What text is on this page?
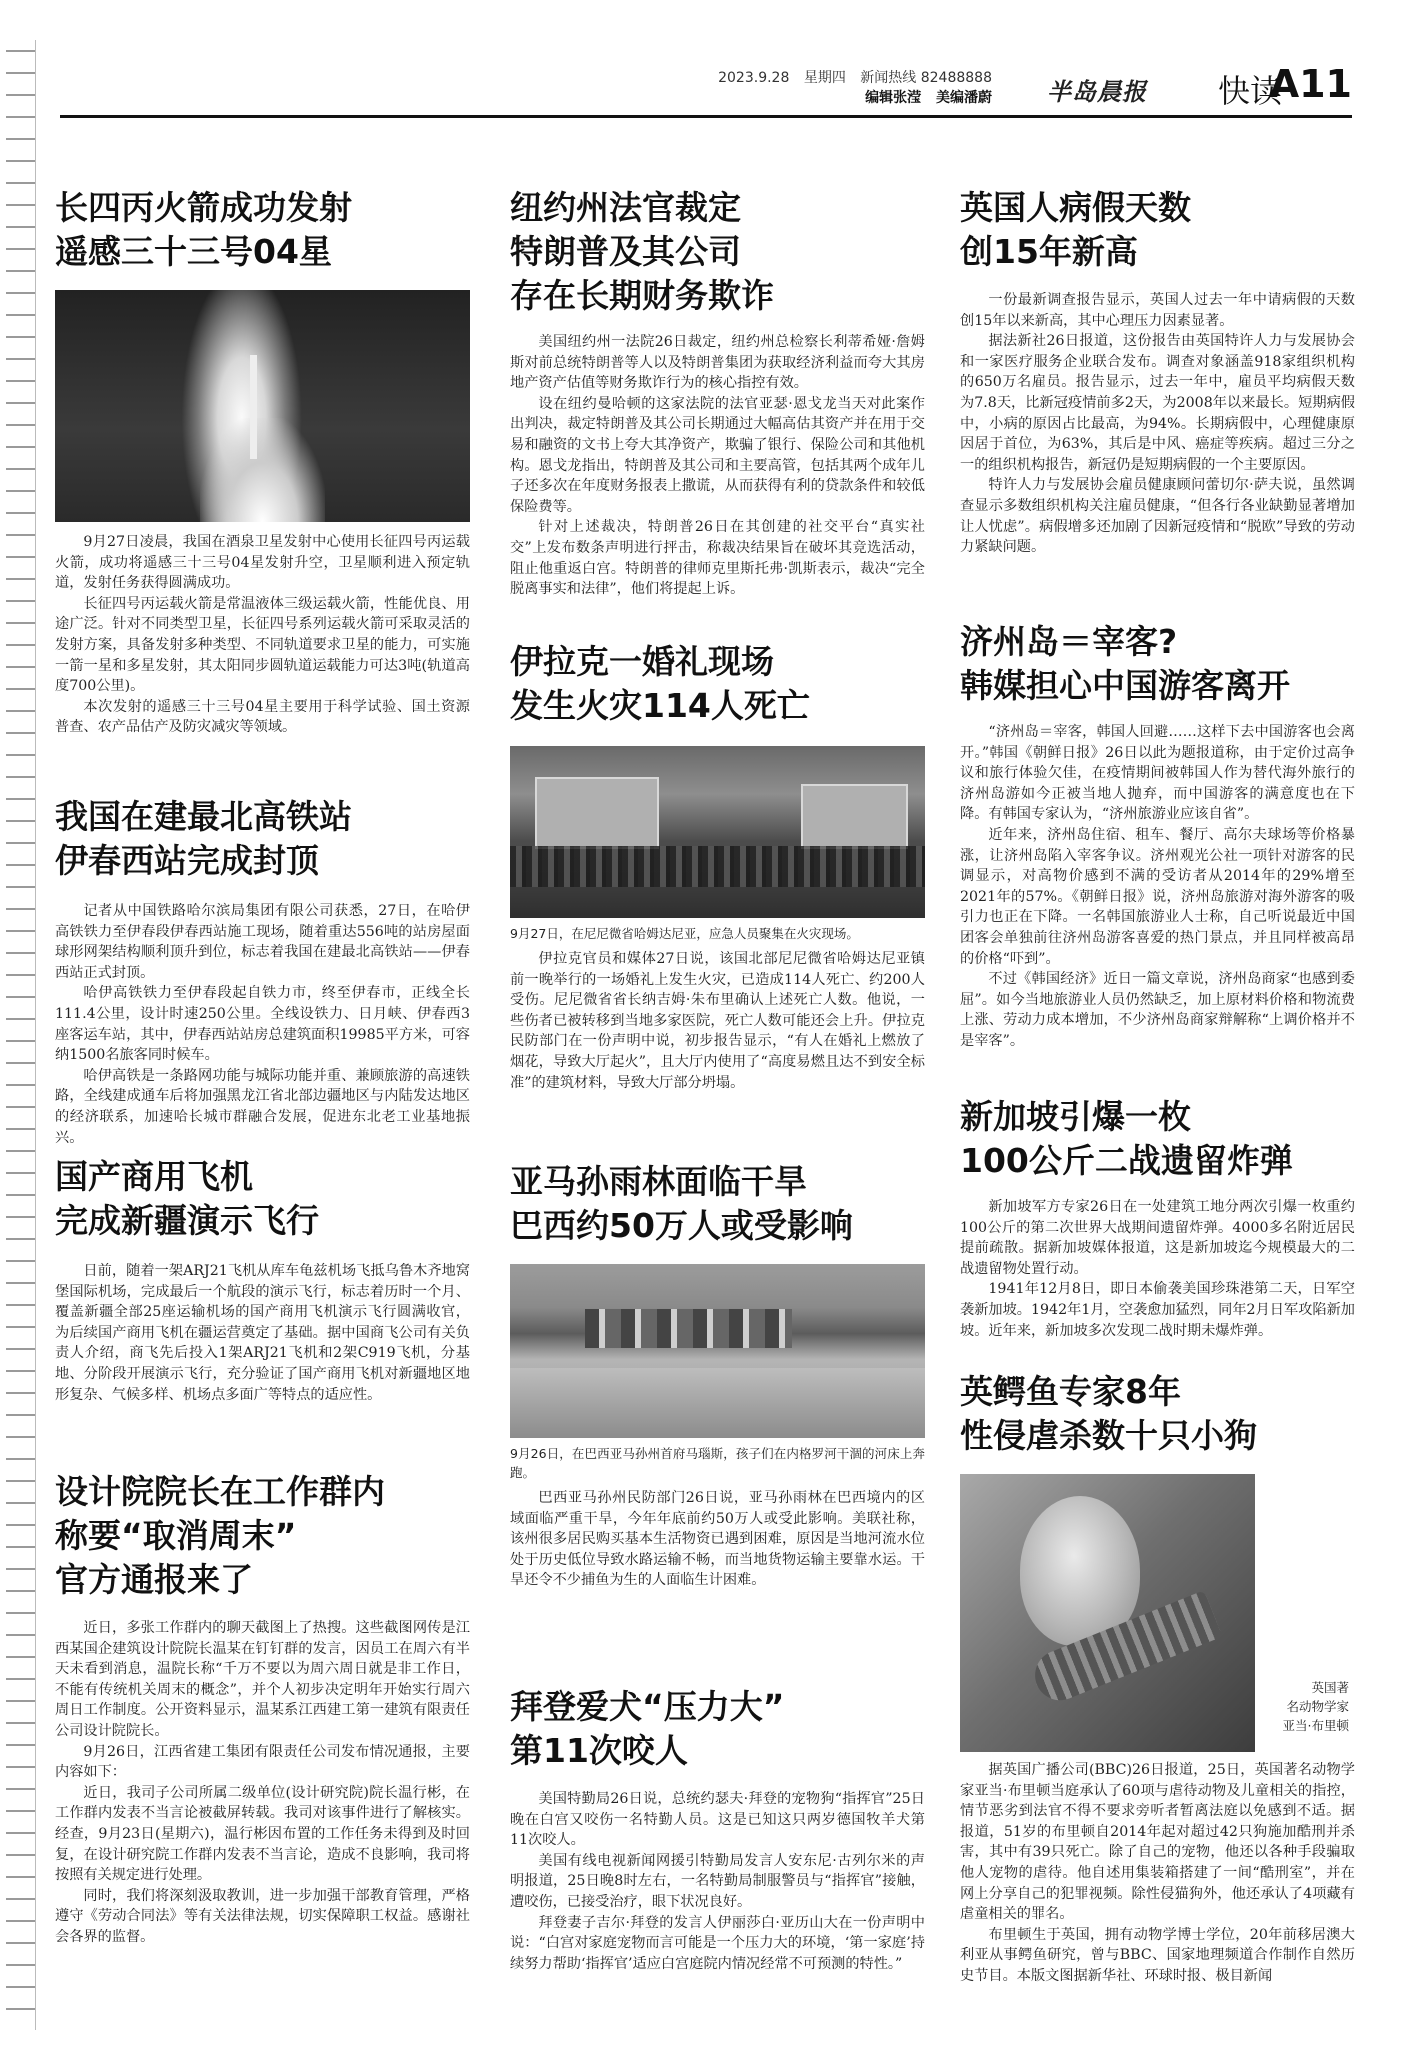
2023.9.28 星期四 新闻热线 82488888
编辑张滢 美编潘蔚 半岛晨报 快读
A11
长四丙火箭成功发射
遥感三十三号04星

9月27日凌晨，我国在酒泉卫星发射中心使用长征四号丙运载火箭，成功将遥感三十三号04星发射升空，卫星顺利进入预定轨道，发射任务获得圆满成功。

长征四号丙运载火箭是常温液体三级运载火箭，性能优良、用途广泛。针对不同类型卫星，长征四号系列运载火箭可采取灵活的发射方案，具备发射多种类型、不同轨道要求卫星的能力，可实施一箭一星和多星发射，其太阳同步圆轨道运载能力可达3吨(轨道高度700公里)。

本次发射的遥感三十三号04星主要用于科学试验、国土资源普查、农产品估产及防灾减灾等领域。

我国在建最北高铁站
伊春西站完成封顶

记者从中国铁路哈尔滨局集团有限公司获悉，27日，在哈伊高铁铁力至伊春段伊春西站施工现场，随着重达556吨的站房屋面球形网架结构顺利顶升到位，标志着我国在建最北高铁站——伊春西站正式封顶。

哈伊高铁铁力至伊春段起自铁力市，终至伊春市，正线全长111.4公里，设计时速250公里。全线设铁力、日月峡、伊春西3座客运车站，其中，伊春西站站房总建筑面积19985平方米，可容纳1500名旅客同时候车。

哈伊高铁是一条路网功能与城际功能并重、兼顾旅游的高速铁路，全线建成通车后将加强黑龙江省北部边疆地区与内陆发达地区的经济联系，加速哈长城市群融合发展，促进东北老工业基地振兴。

国产商用飞机
完成新疆演示飞行

日前，随着一架ARJ21飞机从库车龟兹机场飞抵乌鲁木齐地窝堡国际机场，完成最后一个航段的演示飞行，标志着历时一个月、覆盖新疆全部25座运输机场的国产商用飞机演示飞行圆满收官，为后续国产商用飞机在疆运营奠定了基础。据中国商飞公司有关负责人介绍，商飞先后投入1架ARJ21飞机和2架C919飞机，分基地、分阶段开展演示飞行，充分验证了国产商用飞机对新疆地区地形复杂、气候多样、机场点多面广等特点的适应性。

设计院院长在工作群内
称要“取消周末”
官方通报来了

近日，多张工作群内的聊天截图上了热搜。这些截图网传是江西某国企建筑设计院院长温某在钉钉群的发言，因员工在周六有半天未看到消息，温院长称“千万不要以为周六周日就是非工作日，不能有传统机关周末的概念”，并个人初步决定明年开始实行周六周日工作制度。公开资料显示，温某系江西建工第一建筑有限责任公司设计院院长。

9月26日，江西省建工集团有限责任公司发布情况通报，主要内容如下：

近日，我司子公司所属二级单位(设计研究院)院长温行彬，在工作群内发表不当言论被截屏转载。我司对该事件进行了解核实。经查，9月23日(星期六)，温行彬因布置的工作任务未得到及时回复，在设计研究院工作群内发表不当言论，造成不良影响，我司将按照有关规定进行处理。

同时，我们将深刻汲取教训，进一步加强干部教育管理，严格遵守《劳动合同法》等有关法律法规，切实保障职工权益。感谢社会各界的监督。

纽约州法官裁定
特朗普及其公司
存在长期财务欺诈

美国纽约州一法院26日裁定，纽约州总检察长利蒂希娅·詹姆斯对前总统特朗普等人以及特朗普集团为获取经济利益而夸大其房地产资产估值等财务欺诈行为的核心指控有效。

设在纽约曼哈顿的这家法院的法官亚瑟·恩戈龙当天对此案作出判决，裁定特朗普及其公司长期通过大幅高估其资产并在用于交易和融资的文书上夸大其净资产，欺骗了银行、保险公司和其他机构。恩戈龙指出，特朗普及其公司和主要高管，包括其两个成年儿子还多次在年度财务报表上撒谎，从而获得有利的贷款条件和较低保险费等。

针对上述裁决，特朗普26日在其创建的社交平台“真实社交”上发布数条声明进行抨击，称裁决结果旨在破坏其竞选活动，阻止他重返白宫。特朗普的律师克里斯托弗·凯斯表示，裁决“完全脱离事实和法律”，他们将提起上诉。

伊拉克一婚礼现场
发生火灾114人死亡
9月27日，在尼尼微省哈姆达尼亚，应急人员聚集在火灾现场。

伊拉克官员和媒体27日说，该国北部尼尼微省哈姆达尼亚镇前一晚举行的一场婚礼上发生火灾，已造成114人死亡、约200人受伤。尼尼微省省长纳吉姆·朱布里确认上述死亡人数。他说，一些伤者已被转移到当地多家医院，死亡人数可能还会上升。伊拉克民防部门在一份声明中说，初步报告显示，“有人在婚礼上燃放了烟花，导致大厅起火”，且大厅内使用了“高度易燃且达不到安全标准”的建筑材料，导致大厅部分坍塌。

亚马孙雨林面临干旱
巴西约50万人或受影响
9月26日，在巴西亚马孙州首府马瑙斯，孩子们在内格罗河干涸的河床上奔跑。

巴西亚马孙州民防部门26日说，亚马孙雨林在巴西境内的区域面临严重干旱，今年年底前约50万人或受此影响。美联社称，该州很多居民购买基本生活物资已遇到困难，原因是当地河流水位处于历史低位导致水路运输不畅，而当地货物运输主要靠水运。干旱还令不少捕鱼为生的人面临生计困难。

拜登爱犬“压力大”
第11次咬人

美国特勤局26日说，总统约瑟夫·拜登的宠物狗“指挥官”25日晚在白宫又咬伤一名特勤人员。这是已知这只两岁德国牧羊犬第11次咬人。

美国有线电视新闻网援引特勤局发言人安东尼·古列尔米的声明报道，25日晚8时左右，一名特勤局制服警员与“指挥官”接触，遭咬伤，已接受治疗，眼下状况良好。

拜登妻子吉尔·拜登的发言人伊丽莎白·亚历山大在一份声明中说：“白宫对家庭宠物而言可能是一个压力大的环境，‘第一家庭’持续努力帮助‘指挥官’适应白宫庭院内情况经常不可预测的特性。”

英国人病假天数
创15年新高

一份最新调查报告显示，英国人过去一年中请病假的天数创15年以来新高，其中心理压力因素显著。

据法新社26日报道，这份报告由英国特许人力与发展协会和一家医疗服务企业联合发布。调查对象涵盖918家组织机构的650万名雇员。报告显示，过去一年中，雇员平均病假天数为7.8天，比新冠疫情前多2天，为2008年以来最长。短期病假中，小病的原因占比最高，为94%。长期病假中，心理健康原因居于首位，为63%，其后是中风、癌症等疾病。超过三分之一的组织机构报告，新冠仍是短期病假的一个主要原因。

特许人力与发展协会雇员健康顾问蕾切尔·萨夫说，虽然调查显示多数组织机构关注雇员健康，“但各行各业缺勤显著增加让人忧虑”。病假增多还加剧了因新冠疫情和“脱欧”导致的劳动力紧缺问题。

济州岛＝宰客?
韩媒担心中国游客离开

“济州岛＝宰客，韩国人回避……这样下去中国游客也会离开。”韩国《朝鲜日报》26日以此为题报道称，由于定价过高争议和旅行体验欠佳，在疫情期间被韩国人作为替代海外旅行的济州岛游如今正被当地人抛弃，而中国游客的满意度也在下降。有韩国专家认为，“济州旅游业应该自省”。

近年来，济州岛住宿、租车、餐厅、高尔夫球场等价格暴涨，让济州岛陷入宰客争议。济州观光公社一项针对游客的民调显示，对高物价感到不满的受访者从2014年的29%增至2021年的57%。《朝鲜日报》说，济州岛旅游对海外游客的吸引力也正在下降。一名韩国旅游业人士称，自己听说最近中国团客会单独前往济州岛游客喜爱的热门景点，并且同样被高昂的价格“吓到”。

不过《韩国经济》近日一篇文章说，济州岛商家“也感到委屈”。如今当地旅游业人员仍然缺乏，加上原材料价格和物流费上涨、劳动力成本增加，不少济州岛商家辩解称“上调价格并不是宰客”。

新加坡引爆一枚
100公斤二战遗留炸弹

新加坡军方专家26日在一处建筑工地分两次引爆一枚重约100公斤的第二次世界大战期间遗留炸弹。4000多名附近居民提前疏散。据新加坡媒体报道，这是新加坡迄今规模最大的二战遗留物处置行动。

1941年12月8日，即日本偷袭美国珍珠港第二天，日军空袭新加坡。1942年1月，空袭愈加猛烈，同年2月日军攻陷新加坡。近年来，新加坡多次发现二战时期未爆炸弹。

英鳄鱼专家8年
性侵虐杀数十只小狗
英国著
名动物学家
亚当·布里顿

据英国广播公司(BBC)26日报道，25日，英国著名动物学家亚当·布里顿当庭承认了60项与虐待动物及儿童相关的指控，情节恶劣到法官不得不要求旁听者暂离法庭以免感到不适。据报道，51岁的布里顿自2014年起对超过42只狗施加酷刑并杀害，其中有39只死亡。除了自己的宠物，他还以各种手段骗取他人宠物的虐待。他自述用集装箱搭建了一间“酷刑室”，并在网上分享自己的犯罪视频。除性侵猫狗外，他还承认了4项藏有虐童相关的罪名。

布里顿生于英国，拥有动物学博士学位，20年前移居澳大利亚从事鳄鱼研究，曾与BBC、国家地理频道合作制作自然历史节目。本版文图据新华社、环球时报、极目新闻
